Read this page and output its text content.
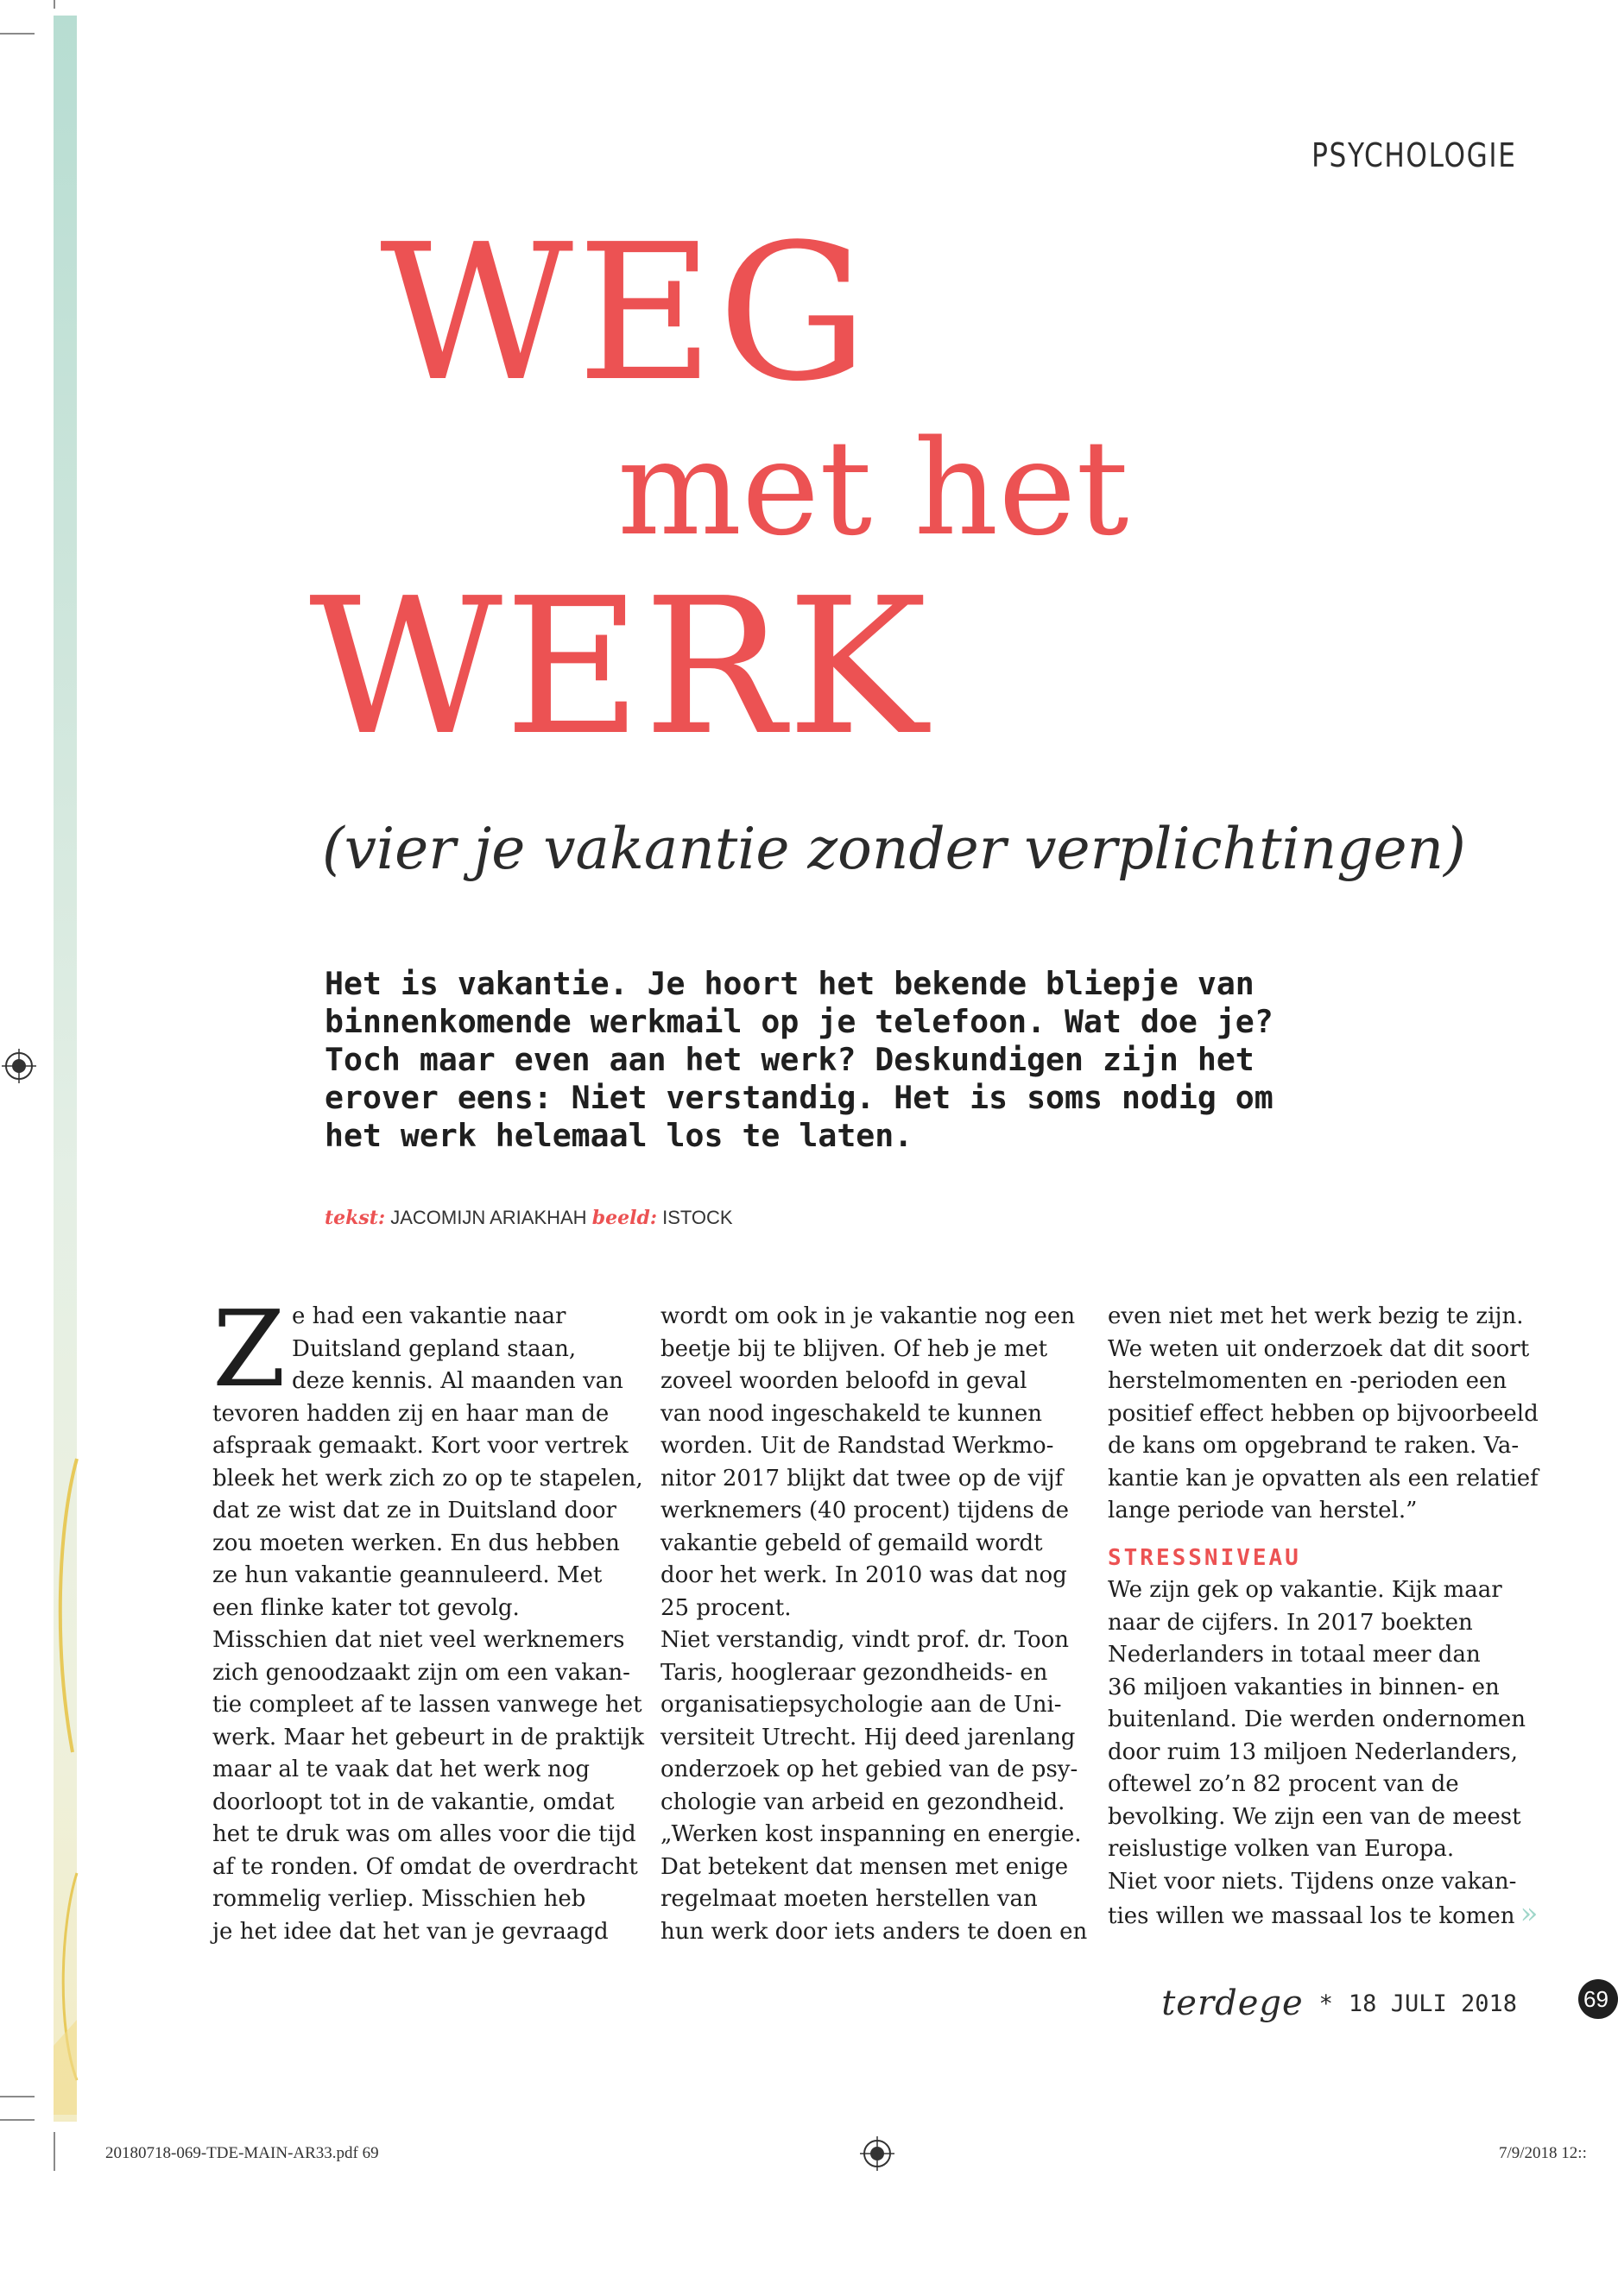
PSYCHOLOGIE
WEG
met het
WERK
(vier je vakantie zonder verplichtingen)
Het is vakantie. Je hoort het bekende bliepje van
binnenkomende werkmail op je telefoon. Wat doe je?
Toch maar even aan het werk? Deskundigen zijn het
erover eens: Niet verstandig. Het is soms nodig om
het werk helemaal los te laten.
tekst: JACOMIJN ARIAKHAH beeld: ISTOCK
Z e had een vakantie naar
Duitsland gepland staan,
deze kennis. Al maanden van
tevoren hadden zij en haar man de
afspraak gemaakt. Kort voor vertrek
bleek het werk zich zo op te stapelen,
dat ze wist dat ze in Duitsland door
zou moeten werken. En dus hebben
ze hun vakantie geannuleerd. Met
een flinke kater tot gevolg.
Misschien dat niet veel werknemers
zich genoodzaakt zijn om een vakan-
tie compleet af te lassen vanwege het
werk. Maar het gebeurt in de praktijk
maar al te vaak dat het werk nog
doorloopt tot in de vakantie, omdat
het te druk was om alles voor die tijd
af te ronden. Of omdat de overdracht
rommelig verliep. Misschien heb
je het idee dat het van je gevraagd
wordt om ook in je vakantie nog een
beetje bij te blijven. Of heb je met
zoveel woorden beloofd in geval
van nood ingeschakeld te kunnen
worden. Uit de Randstad Werkmo-
nitor 2017 blijkt dat twee op de vijf
werknemers (40 procent) tijdens de
vakantie gebeld of gemaild wordt
door het werk. In 2010 was dat nog
25 procent.
Niet verstandig, vindt prof. dr. Toon
Taris, hoogleraar gezondheids- en
organisatiepsychologie aan de Uni-
versiteit Utrecht. Hij deed jarenlang
onderzoek op het gebied van de psy-
chologie van arbeid en gezondheid.
„Werken kost inspanning en energie.
Dat betekent dat mensen met enige
regelmaat moeten herstellen van
hun werk door iets anders te doen en
even niet met het werk bezig te zijn.
We weten uit onderzoek dat dit soort
herstelmomenten en -perioden een
positief effect hebben op bijvoorbeeld
de kans om opgebrand te raken. Va-
kantie kan je opvatten als een relatief
lange periode van herstel.”
STRESSNIVEAU
We zijn gek op vakantie. Kijk maar
naar de cijfers. In 2017 boekten
Nederlanders in totaal meer dan
36 miljoen vakanties in binnen- en
buitenland. Die werden ondernomen
door ruim 13 miljoen Nederlanders,
oftewel zo’n 82 procent van de
bevolking. We zijn een van de meest
reislustige volken van Europa.
Niet voor niets. Tijdens onze vakan-
ties willen we massaal los te komen »
terdege * 18 JULI 2018	69
20180718-069-TDE-MAIN-AR33.pdf 69	7/9/2018 12::
